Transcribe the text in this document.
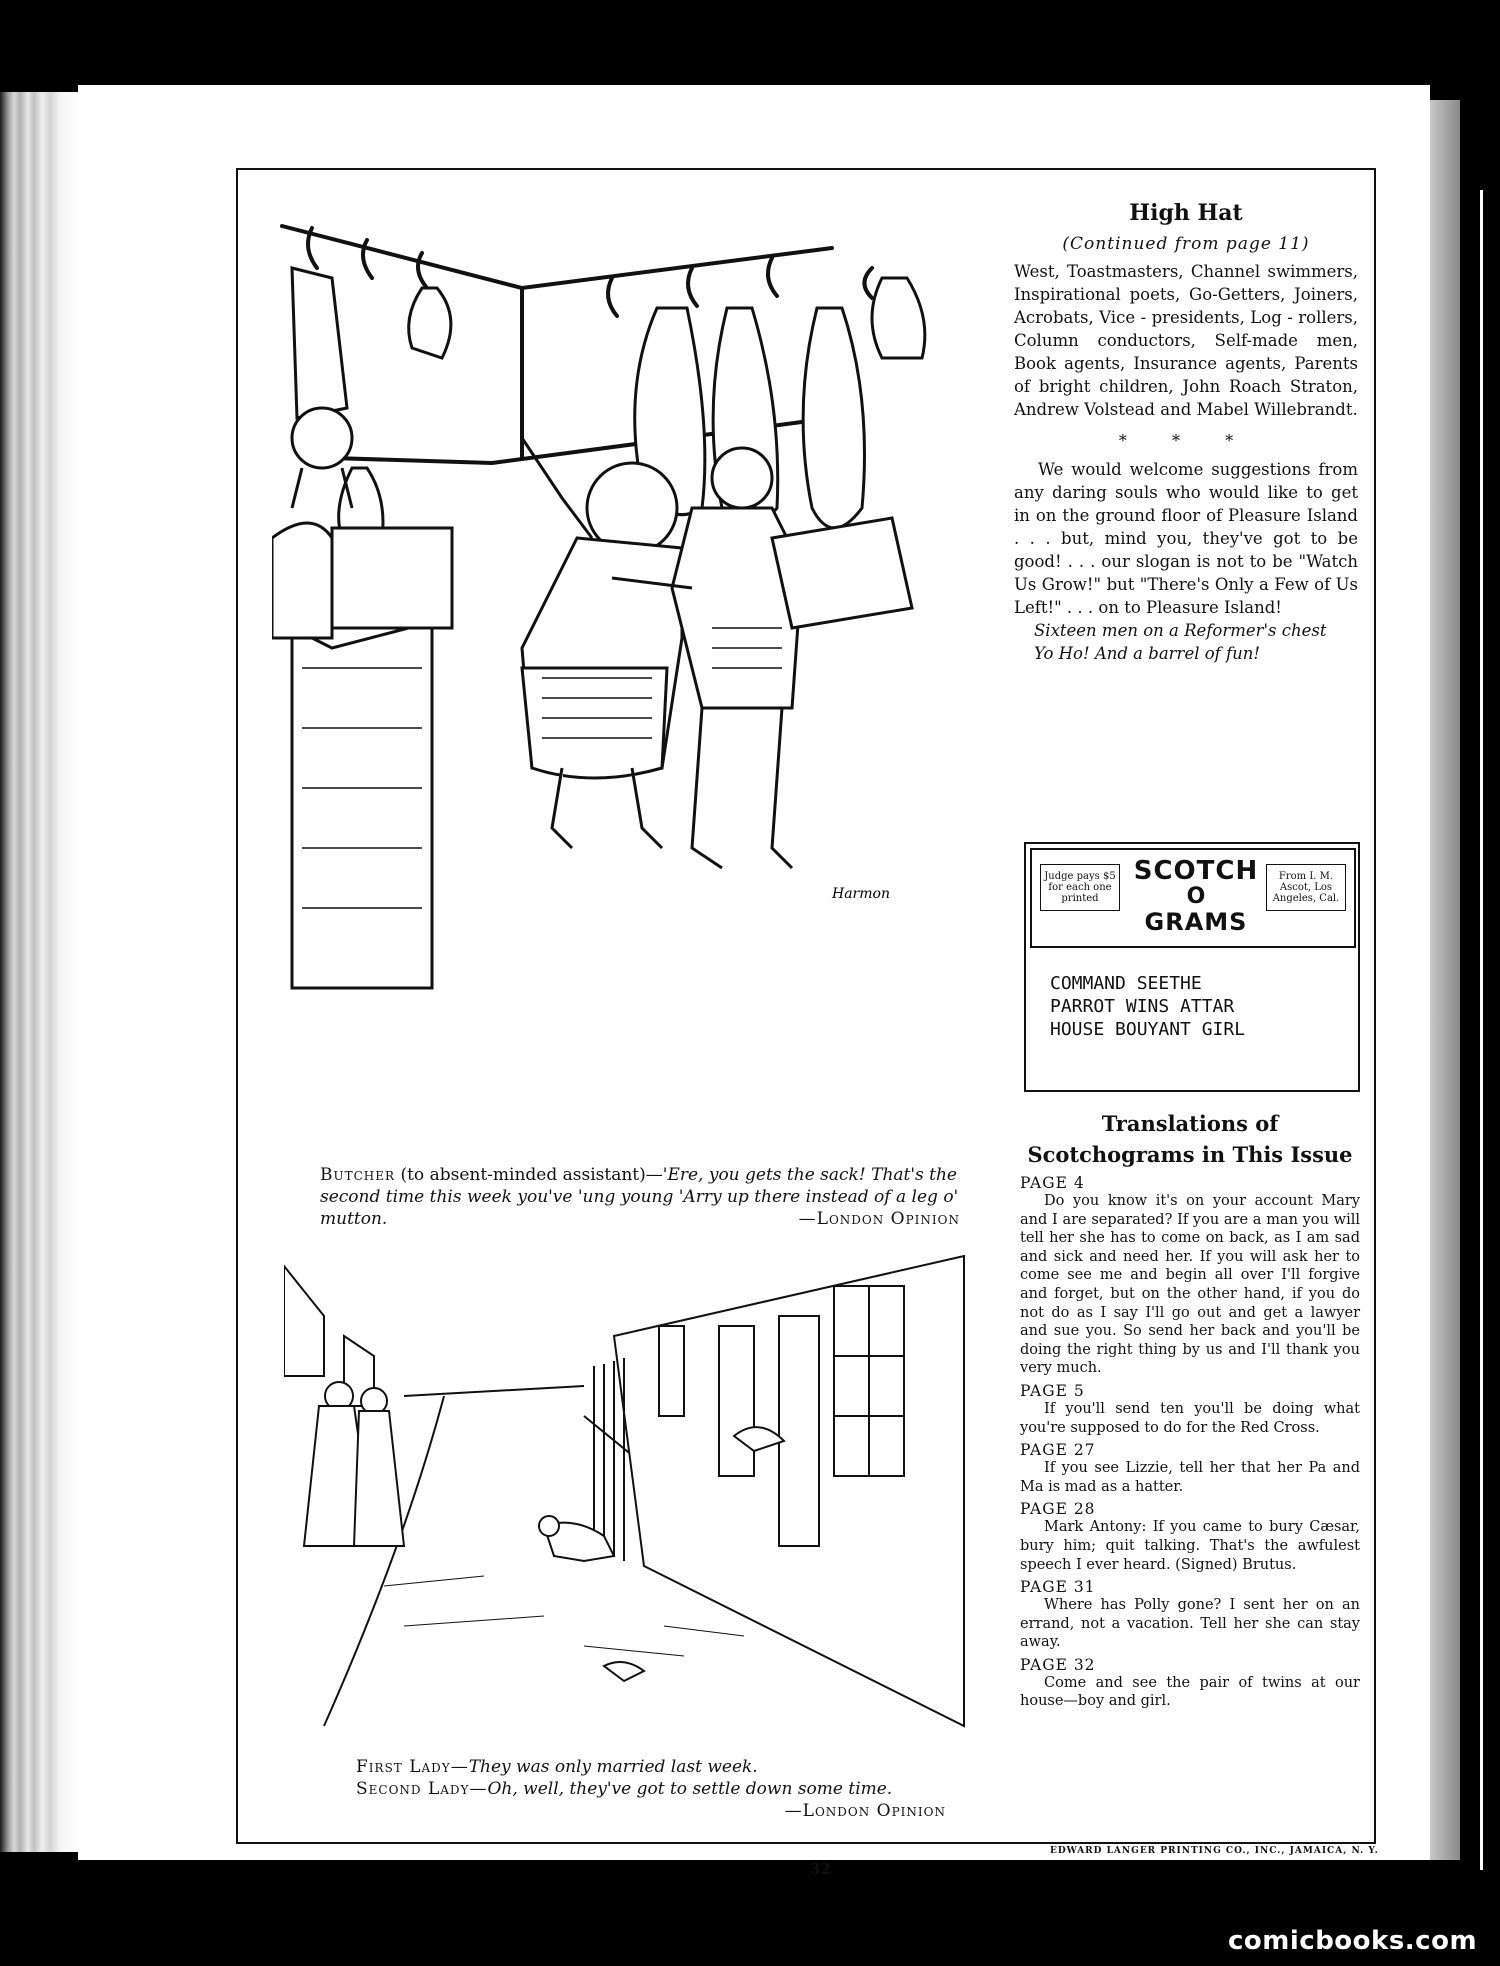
Harmon
Butcher (to absent-minded assistant)—'Ere, you gets the sack! That's the second time this week you've 'ung young 'Arry up there instead of a leg o' mutton.	—London Opinion
First Lady—They was only married last week.
Second Lady—Oh, well, they've got to settle down some time.
—London Opinion
High Hat
(Continued from page 11)
West, Toastmasters, Channel swimmers, Inspirational poets, Go-Getters, Joiners, Acrobats, Vice - presidents, Log - rollers, Column conductors, Self-made men, Book agents, Insurance agents, Parents of bright children, John Roach Straton, Andrew Volstead and Mabel Willebrandt.
* * *
We would welcome suggestions from any daring souls who would like to get in on the ground floor of Pleasure Island . . . but, mind you, they've got to be good! . . . our slogan is not to be "Watch Us Grow!" but "There's Only a Few of Us Left!" . . . on to Pleasure Island!
Sixteen men on a Reformer's chest
Yo Ho! And a barrel of fun!
Judge pays $5 for each one printed
SCOTCH
O
GRAMS
From I. M. Ascot, Los Angeles, Cal.
COMMAND SEETHE
PARROT WINS ATTAR
HOUSE BOUYANT GIRL
Translations of Scotchograms in This Issue
PAGE 4
Do you know it's on your account Mary and I are separated? If you are a man you will tell her she has to come on back, as I am sad and sick and need her. If you will ask her to come see me and begin all over I'll forgive and forget, but on the other hand, if you do not do as I say I'll go out and get a lawyer and sue you. So send her back and you'll be doing the right thing by us and I'll thank you very much.
PAGE 5
If you'll send ten you'll be doing what you're supposed to do for the Red Cross.
PAGE 27
If you see Lizzie, tell her that her Pa and Ma is mad as a hatter.
PAGE 28
Mark Antony: If you came to bury Cæsar, bury him; quit talking. That's the awfulest speech I ever heard. (Signed) Brutus.
PAGE 31
Where has Polly gone? I sent her on an errand, not a vacation. Tell her she can stay away.
PAGE 32
Come and see the pair of twins at our house—boy and girl.
EDWARD LANGER PRINTING CO., INC., JAMAICA, N. Y.
32
comicbooks.com
